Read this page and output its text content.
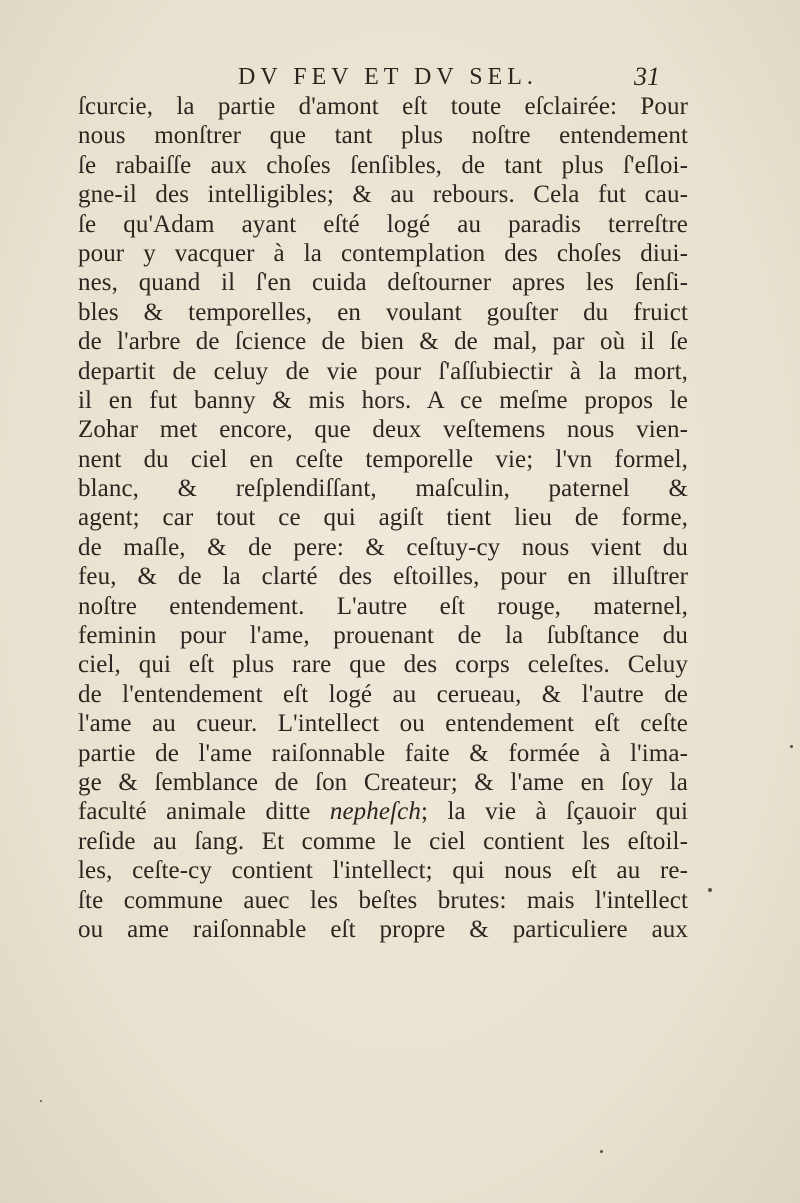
DV FEV ET DV SEL.	31
ſcurcie, la partie d'amont eſt toute eſclairée: Pour
nous monſtrer que tant plus noſtre entendement
ſe rabaiſſe aux choſes ſenſibles, de tant plus ſ'eſloi-
gne-il des intelligibles; & au rebours. Cela fut cau-
ſe qu'Adam ayant eſté logé au paradis terreſtre
pour y vacquer à la contemplation des choſes diui-
nes, quand il ſ'en cuida deſtourner apres les ſenſi-
bles & temporelles, en voulant gouſter du fruict
de l'arbre de ſcience de bien & de mal, par où il ſe
departit de celuy de vie pour ſ'aſſubiectir à la mort,
il en fut banny & mis hors. A ce meſme propos le
Zohar met encore, que deux veſtemens nous vien-
nent du ciel en ceſte temporelle vie; l'vn formel,
blanc, & reſplendiſſant, maſculin, paternel &
agent; car tout ce qui agiſt tient lieu de forme,
de maſle, & de pere: & ceſtuy-cy nous vient du
feu, & de la clarté des eſtoilles, pour en illuſtrer
noſtre entendement. L'autre eſt rouge, maternel,
feminin pour l'ame, prouenant de la ſubſtance du
ciel, qui eſt plus rare que des corps celeſtes. Celuy
de l'entendement eſt logé au cerueau, & l'autre de
l'ame au cueur. L'intellect ou entendement eſt ceſte
partie de l'ame raiſonnable faite & formée à l'ima-
ge & ſemblance de ſon Createur; & l'ame en ſoy la
faculté animale ditte nepheſch; la vie à ſçauoir qui
reſide au ſang. Et comme le ciel contient les eſtoil-
les, ceſte-cy contient l'intellect; qui nous eſt au re-
ſte commune auec les beſtes brutes: mais l'intellect
ou ame raiſonnable eſt propre & particuliere aux
